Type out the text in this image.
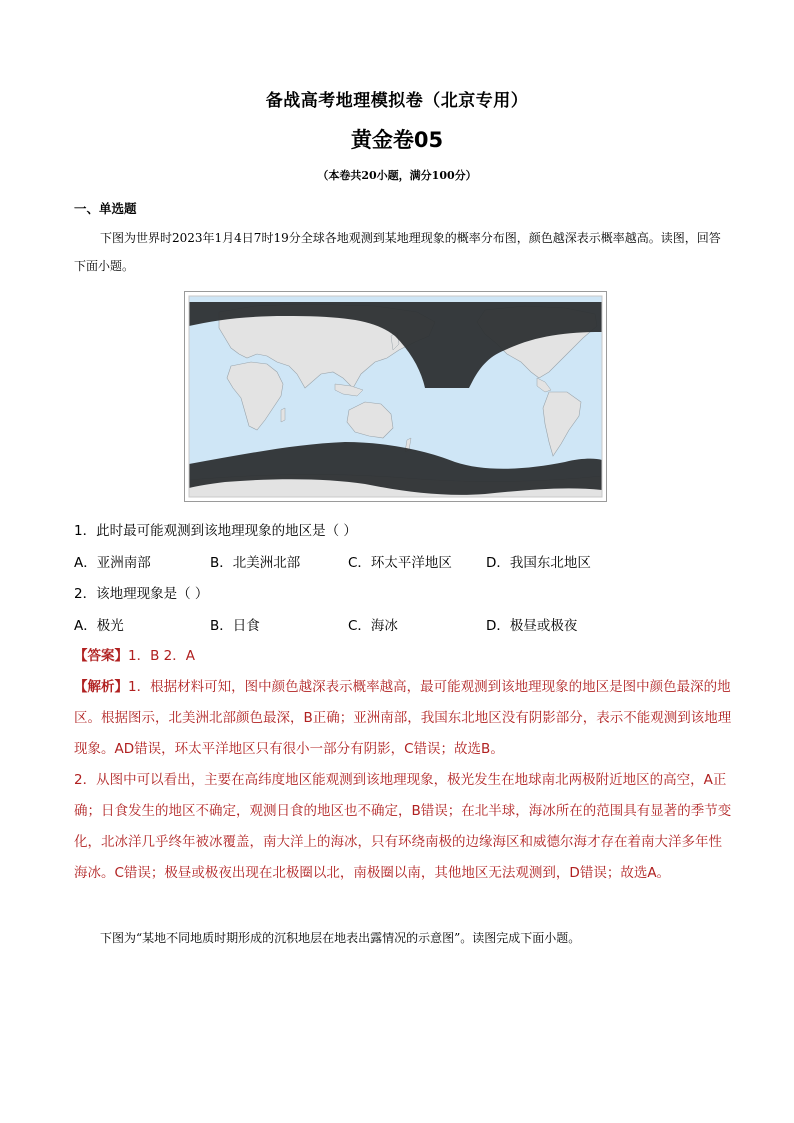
备战高考地理模拟卷（北京专用）
黄金卷05
（本卷共20小题，满分100分）
一、单选题
下图为世界时2023年1月4日7时19分全球各地观测到某地理现象的概率分布图，颜色越深表示概率越高。读图，回答下面小题。
1．此时最可能观测到该地理现象的地区是（ ）
A．亚洲南部	B．北美洲北部	C．环太平洋地区	D．我国东北地区
2．该地理现象是（ ）
A．极光	B．日食	C．海冰	D．极昼或极夜
【答案】1．B 2．A
【解析】1．根据材料可知，图中颜色越深表示概率越高，最可能观测到该地理现象的地区是图中颜色最深的地区。根据图示，北美洲北部颜色最深，B正确；亚洲南部，我国东北地区没有阴影部分，表示不能观测到该地理现象。AD错误，环太平洋地区只有很小一部分有阴影，C错误；故选B。
2．从图中可以看出，主要在高纬度地区能观测到该地理现象，极光发生在地球南北两极附近地区的高空，A正确；日食发生的地区不确定，观测日食的地区也不确定，B错误；在北半球，海冰所在的范围具有显著的季节变化，北冰洋几乎终年被冰覆盖，南大洋上的海冰，只有环绕南极的边缘海区和威德尔海才存在着南大洋多年性海冰。C错误；极昼或极夜出现在北极圈以北，南极圈以南，其他地区无法观测到，D错误；故选A。
下图为“某地不同地质时期形成的沉积地层在地表出露情况的示意图”。读图完成下面小题。
